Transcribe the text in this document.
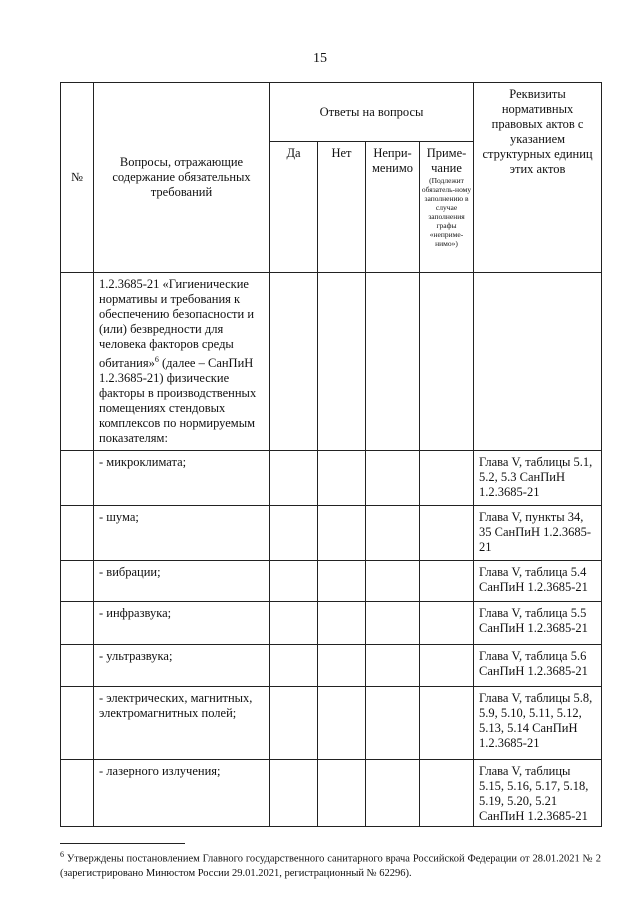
15
№	Вопросы, отражающие содержание обязательных требований	Ответы на вопросы				Реквизиты нормативных правовых актов с указанием структурных единиц этих актов
		Да	Нет	Непри-менимо	Приме-чание
(Подлежит обязатель-ному заполнению в случае заполнения графы «неприме-нимо»)	

	1.2.3685-21 «Гигиенические нормативы и требования к обеспечению безопасности и (или) безвредности для человека факторов среды обитания»$^6$ (далее – СанПиН 1.2.3685-21) физические факторы в производственных помещениях стендовых комплексов по нормируемым показателям:					
	- микроклимата;					Глава V, таблицы 5.1, 5.2, 5.3 СанПиН 1.2.3685-21
	- шума;					Глава V, пункты 34, 35 СанПиН 1.2.3685-21
	- вибрации;					Глава V, таблица 5.4 СанПиН 1.2.3685-21
	- инфразвука;					Глава V, таблица 5.5 СанПиН 1.2.3685-21
	- ультразвука;					Глава V, таблица 5.6 СанПиН 1.2.3685-21
	- электрических, магнитных, электромагнитных полей;					Глава V, таблицы 5.8, 5.9, 5.10, 5.11, 5.12, 5.13, 5.14 СанПиН 1.2.3685-21
	- лазерного излучения;					Глава V, таблицы 5.15, 5.16, 5.17, 5.18, 5.19, 5.20, 5.21 СанПиН 1.2.3685-21
$^6$ Утверждены постановлением Главного государственного санитарного врача Российской Федерации от 28.01.2021 № 2 (зарегистрировано Минюстом России 29.01.2021, регистрационный № 62296).
